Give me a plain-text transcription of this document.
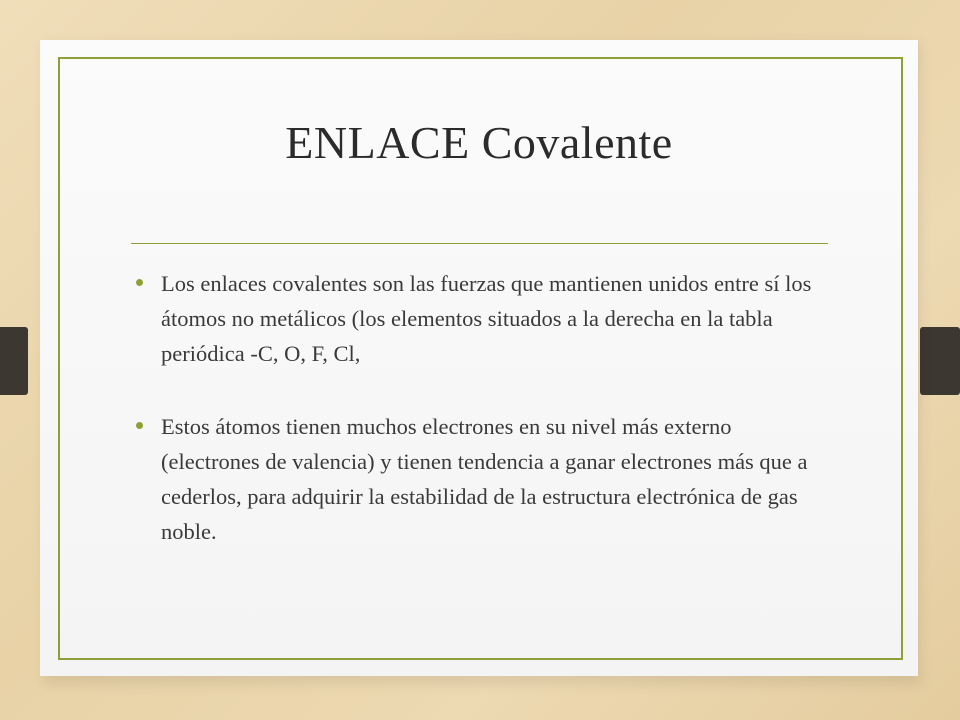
ENLACE Covalente
Los enlaces covalentes son las fuerzas que mantienen unidos entre sí los átomos no metálicos (los elementos situados a la derecha en la tabla periódica -C, O, F, Cl,
Estos átomos tienen muchos electrones en su nivel más externo (electrones de valencia) y tienen tendencia a ganar electrones más que a cederlos, para adquirir la estabilidad de la estructura electrónica de gas noble.
